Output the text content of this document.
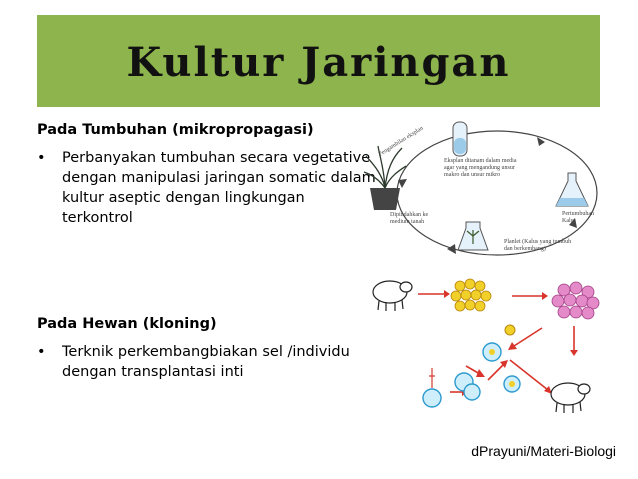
Kultur Jaringan
Pada Tumbuhan (mikropropagasi)
• Perbanyakan tumbuhan secara vegetative dengan manipulasi jaringan somatic dalam kultur aseptic dengan lingkungan terkontrol
Pada Hewan (kloning)
• Terknik perkembangbiakan sel /individu dengan transplantasi inti
Pengambilan eksplan
Eksplan ditanam dalam media
agar yang mengandung unsur
makro dan unsur mikro
Pertumbuhan
Kalus
Planlet (Kalus yang tumbuh
dan berkembang)
Dipindahkan ke
medium tanah
dPrayuni/Materi-Biologi
